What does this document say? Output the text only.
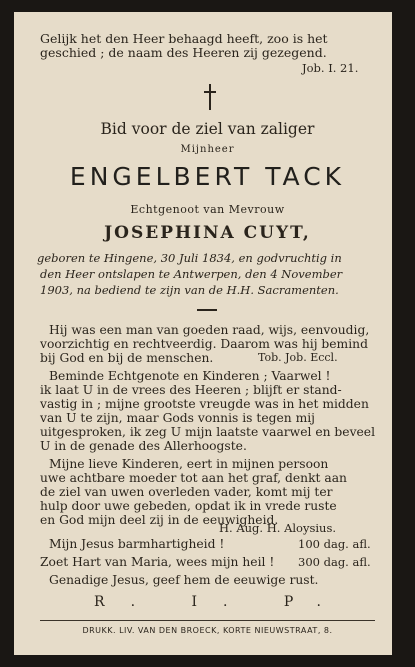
Gelijk het den Heer behaagd heeft, zoo is het
geschied ; de naam des Heeren zij gezegend.
Job. I. 21.
Bid voor de ziel van zaliger
Mijnheer
ENGELBERT TACK
Echtgenoot van Mevrouw
JOSEPHINA CUYT,
geboren te Hingene, 30 Juli 1834, en godvruchtig in
den Heer ontslapen te Antwerpen, den 4 November
1903, na bediend te zijn van de H.H. Sacramenten.
Hij was een man van goeden raad, wijs, eenvoudig,
voorzichtig en rechtveerdig. Daarom was hij bemind
bij God en bij de menschen.	Tob. Job. Eccl.
Beminde Echtgenote en Kinderen ; Vaarwel !
ik laat U in de vrees des Heeren ; blijft er stand-
vastig in ; mijne grootste vreugde was in het midden
van U te zijn, maar Gods vonnis is tegen mij
uitgesproken, ik zeg U mijn laatste vaarwel en beveel
U in de genade des Allerhoogste.
Mijne lieve Kinderen, eert in mijnen persoon
uwe achtbare moeder tot aan het graf, denkt aan
de ziel van uwen overleden vader, komt mij ter
hulp door uwe gebeden, opdat ik in vrede ruste
en God mijn deel zij in de eeuwigheid.
H. Aug. H. Aloysius.
Mijn Jesus barmhartigheid !	100 dag. afl.
Zoet Hart van Maria, wees mijn heil ! 300 dag. afl.
Genadige Jesus, geef hem de eeuwige rust.
R. I. P.
DRUKK. LIV. VAN DEN BROECK, KORTE NIEUWSTRAAT, 8.
